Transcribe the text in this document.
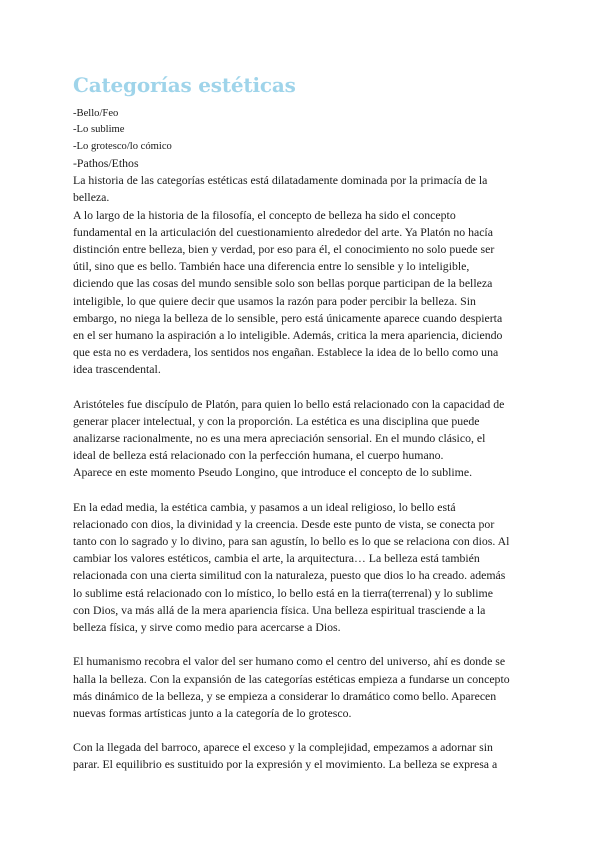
Categorías estéticas
-Bello/Feo
-Lo sublime
-Lo grotesco/lo cómico
-Pathos/Ethos

La historia de las categorías estéticas está dilatadamente dominada por la primacía de la
belleza.
A lo largo de la historia de la filosofía, el concepto de belleza ha sido el concepto
fundamental en la articulación del cuestionamiento alrededor del arte. Ya Platón no hacía
distinción entre belleza, bien y verdad, por eso para él, el conocimiento no solo puede ser
útil, sino que es bello. También hace una diferencia entre lo sensible y lo inteligible,
diciendo que las cosas del mundo sensible solo son bellas porque participan de la belleza
inteligible, lo que quiere decir que usamos la razón para poder percibir la belleza. Sin
embargo, no niega la belleza de lo sensible, pero está únicamente aparece cuando despierta
en el ser humano la aspiración a lo inteligible. Además, critica la mera apariencia, diciendo
que esta no es verdadera, los sentidos nos engañan. Establece la idea de lo bello como una
idea trascendental.

Aristóteles fue discípulo de Platón, para quien lo bello está relacionado con la capacidad de
generar placer intelectual, y con la proporción. La estética es una disciplina que puede
analizarse racionalmente, no es una mera apreciación sensorial. En el mundo clásico, el
ideal de belleza está relacionado con la perfección humana, el cuerpo humano.
Aparece en este momento Pseudo Longino, que introduce el concepto de lo sublime.

En la edad media, la estética cambia, y pasamos a un ideal religioso, lo bello está
relacionado con dios, la divinidad y la creencia. Desde este punto de vista, se conecta por
tanto con lo sagrado y lo divino, para san agustín, lo bello es lo que se relaciona con dios. Al
cambiar los valores estéticos, cambia el arte, la arquitectura… La belleza está también
relacionada con una cierta similitud con la naturaleza, puesto que dios lo ha creado. además
lo sublime está relacionado con lo místico, lo bello está en la tierra(terrenal) y lo sublime
con Dios, va más allá de la mera apariencia física. Una belleza espiritual trasciende a la
belleza física, y sirve como medio para acercarse a Dios.

El humanismo recobra el valor del ser humano como el centro del universo, ahí es donde se
halla la belleza. Con la expansión de las categorías estéticas empieza a fundarse un concepto
más dinámico de la belleza, y se empieza a considerar lo dramático como bello. Aparecen
nuevas formas artísticas junto a la categoría de lo grotesco.

Con la llegada del barroco, aparece el exceso y la complejidad, empezamos a adornar sin
parar. El equilibrio es sustituido por la expresión y el movimiento. La belleza se expresa a
